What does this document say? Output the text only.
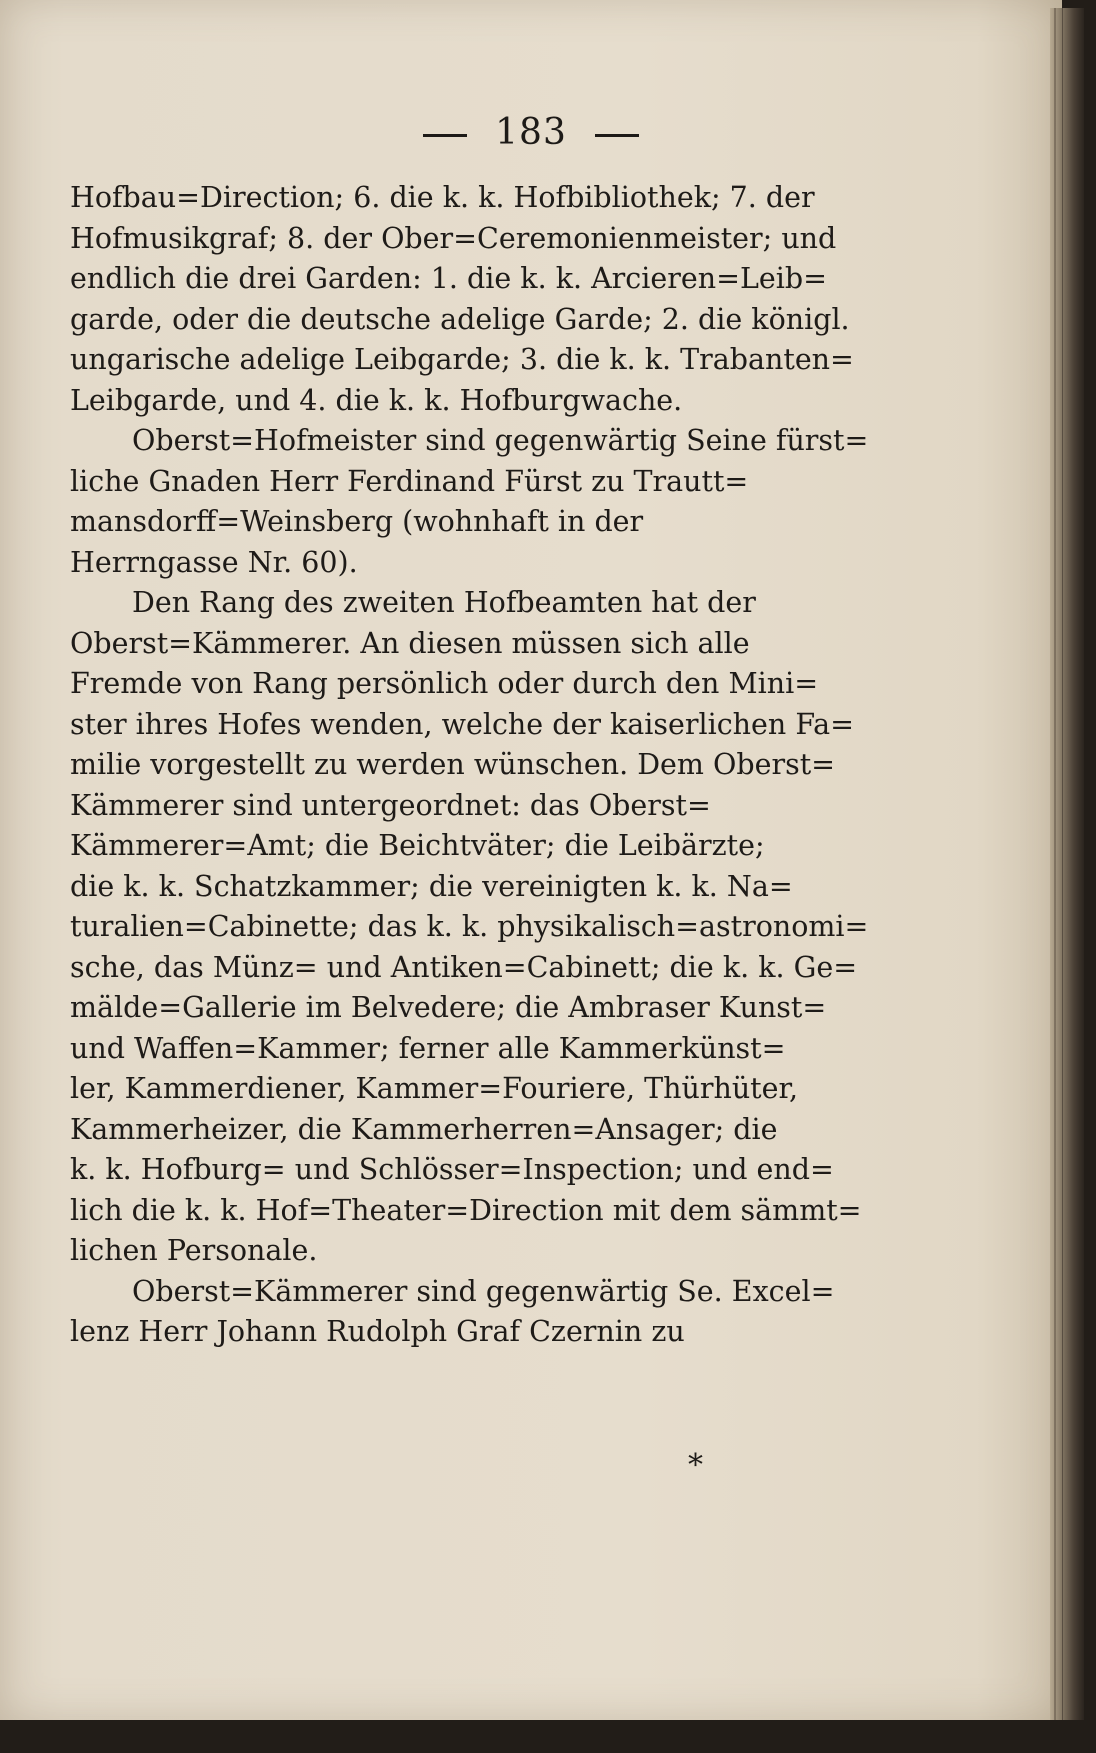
183
Hofbau=Direction; 6. die k. k. Hofbibliothek; 7. der
Hofmusikgraf; 8. der Ober=Ceremonienmeister; und
endlich die drei Garden: 1. die k. k. Arcieren=Leib=
garde, oder die deutsche adelige Garde; 2. die königl.
ungarische adelige Leibgarde; 3. die k. k. Trabanten=
Leibgarde, und 4. die k. k. Hofburgwache.
Oberst=Hofmeister sind gegenwärtig Seine fürst=
liche Gnaden Herr Ferdinand Fürst zu Trautt=
mansdorff=Weinsberg (wohnhaft in der
Herrngasse Nr. 60).
Den Rang des zweiten Hofbeamten hat der
Oberst=Kämmerer. An diesen müssen sich alle
Fremde von Rang persönlich oder durch den Mini=
ster ihres Hofes wenden, welche der kaiserlichen Fa=
milie vorgestellt zu werden wünschen. Dem Oberst=
Kämmerer sind untergeordnet: das Oberst=
Kämmerer=Amt; die Beichtväter; die Leibärzte;
die k. k. Schatzkammer; die vereinigten k. k. Na=
turalien=Cabinette; das k. k. physikalisch=astronomi=
sche, das Münz= und Antiken=Cabinett; die k. k. Ge=
mälde=Gallerie im Belvedere; die Ambraser Kunst=
und Waffen=Kammer; ferner alle Kammerkünst=
ler, Kammerdiener, Kammer=Fouriere, Thürhüter,
Kammerheizer, die Kammerherren=Ansager; die
k. k. Hofburg= und Schlösser=Inspection; und end=
lich die k. k. Hof=Theater=Direction mit dem sämmt=
lichen Personale.
Oberst=Kämmerer sind gegenwärtig Se. Excel=
lenz Herr Johann Rudolph Graf Czernin zu
*
